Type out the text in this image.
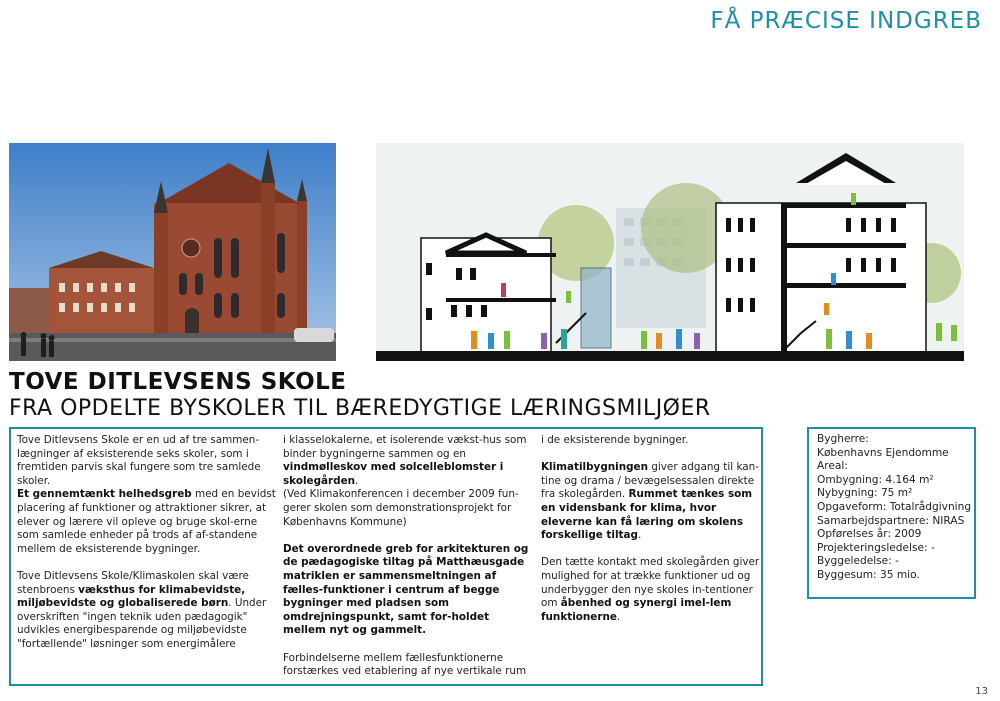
FÅ PRÆCISE INDGREB
TOVE DITLEVSENS SKOLE
FRA OPDELTE BYSKOLER TIL BÆREDYGTIGE LÆRINGSMILJØER

Tove Ditlevsens Skole er en ud af tre sammen-lægninger af eksisterende seks skoler, som i fremtiden parvis skal fungere som tre samlede skoler.
Et gennemtænkt helhedsgreb med en bevidst placering af funktioner og attraktioner sikrer, at elever og lærere vil opleve og bruge skol-erne som samlede enheder på trods af af-standene mellem de eksisterende bygninger.

Tove Ditlevsens Skole/Klimaskolen skal være stenbroens væksthus for klimabevidste, miljøbevidste og globaliserede børn. Under overskriften "ingen teknik uden pædagogik" udvikles energibesparende og miljøbevidste "fortællende" løsninger som energimålere

i klasselokalerne, et isolerende vækst-hus som binder bygningerne sammen og en vindmølleskov med solcelleblomster i skolegården.
(Ved Klimakonferencen i december 2009 fun-gerer skolen som demonstrationsprojekt for Københavns Kommune)

Det overordnede greb for arkitekturen og de pædagogiske tiltag på Matthæusgade matriklen er sammensmeltningen af fælles-funktioner i centrum af begge bygninger med pladsen som omdrejningspunkt, samt for-holdet mellem nyt og gammelt.

Forbindelserne mellem fællesfunktionerne forstærkes ved etablering af nye vertikale rum

i de eksisterende bygninger.

Klimatilbygningen giver adgang til kan-tine og drama / bevægelsessalen direkte fra skolegården. Rummet tænkes som en vidensbank for klima, hvor eleverne kan få læring om skolens forskellige tiltag.

Den tætte kontakt med skolegården giver mulighed for at trække funktioner ud og underbygger den nye skoles in-tentioner om åbenhed og synergi imel-lem funktionerne.

Bygherre:
Københavns Ejendomme
Areal:
Ombygning: 4.164 m²
Nybygning: 75 m²
Opgaveform: Totalrådgivning
Samarbejdspartnere: NIRAS
Opførelses år: 2009
Projekteringsledelse: -
Byggeledelse: -
Byggesum: 35 mio.
13
